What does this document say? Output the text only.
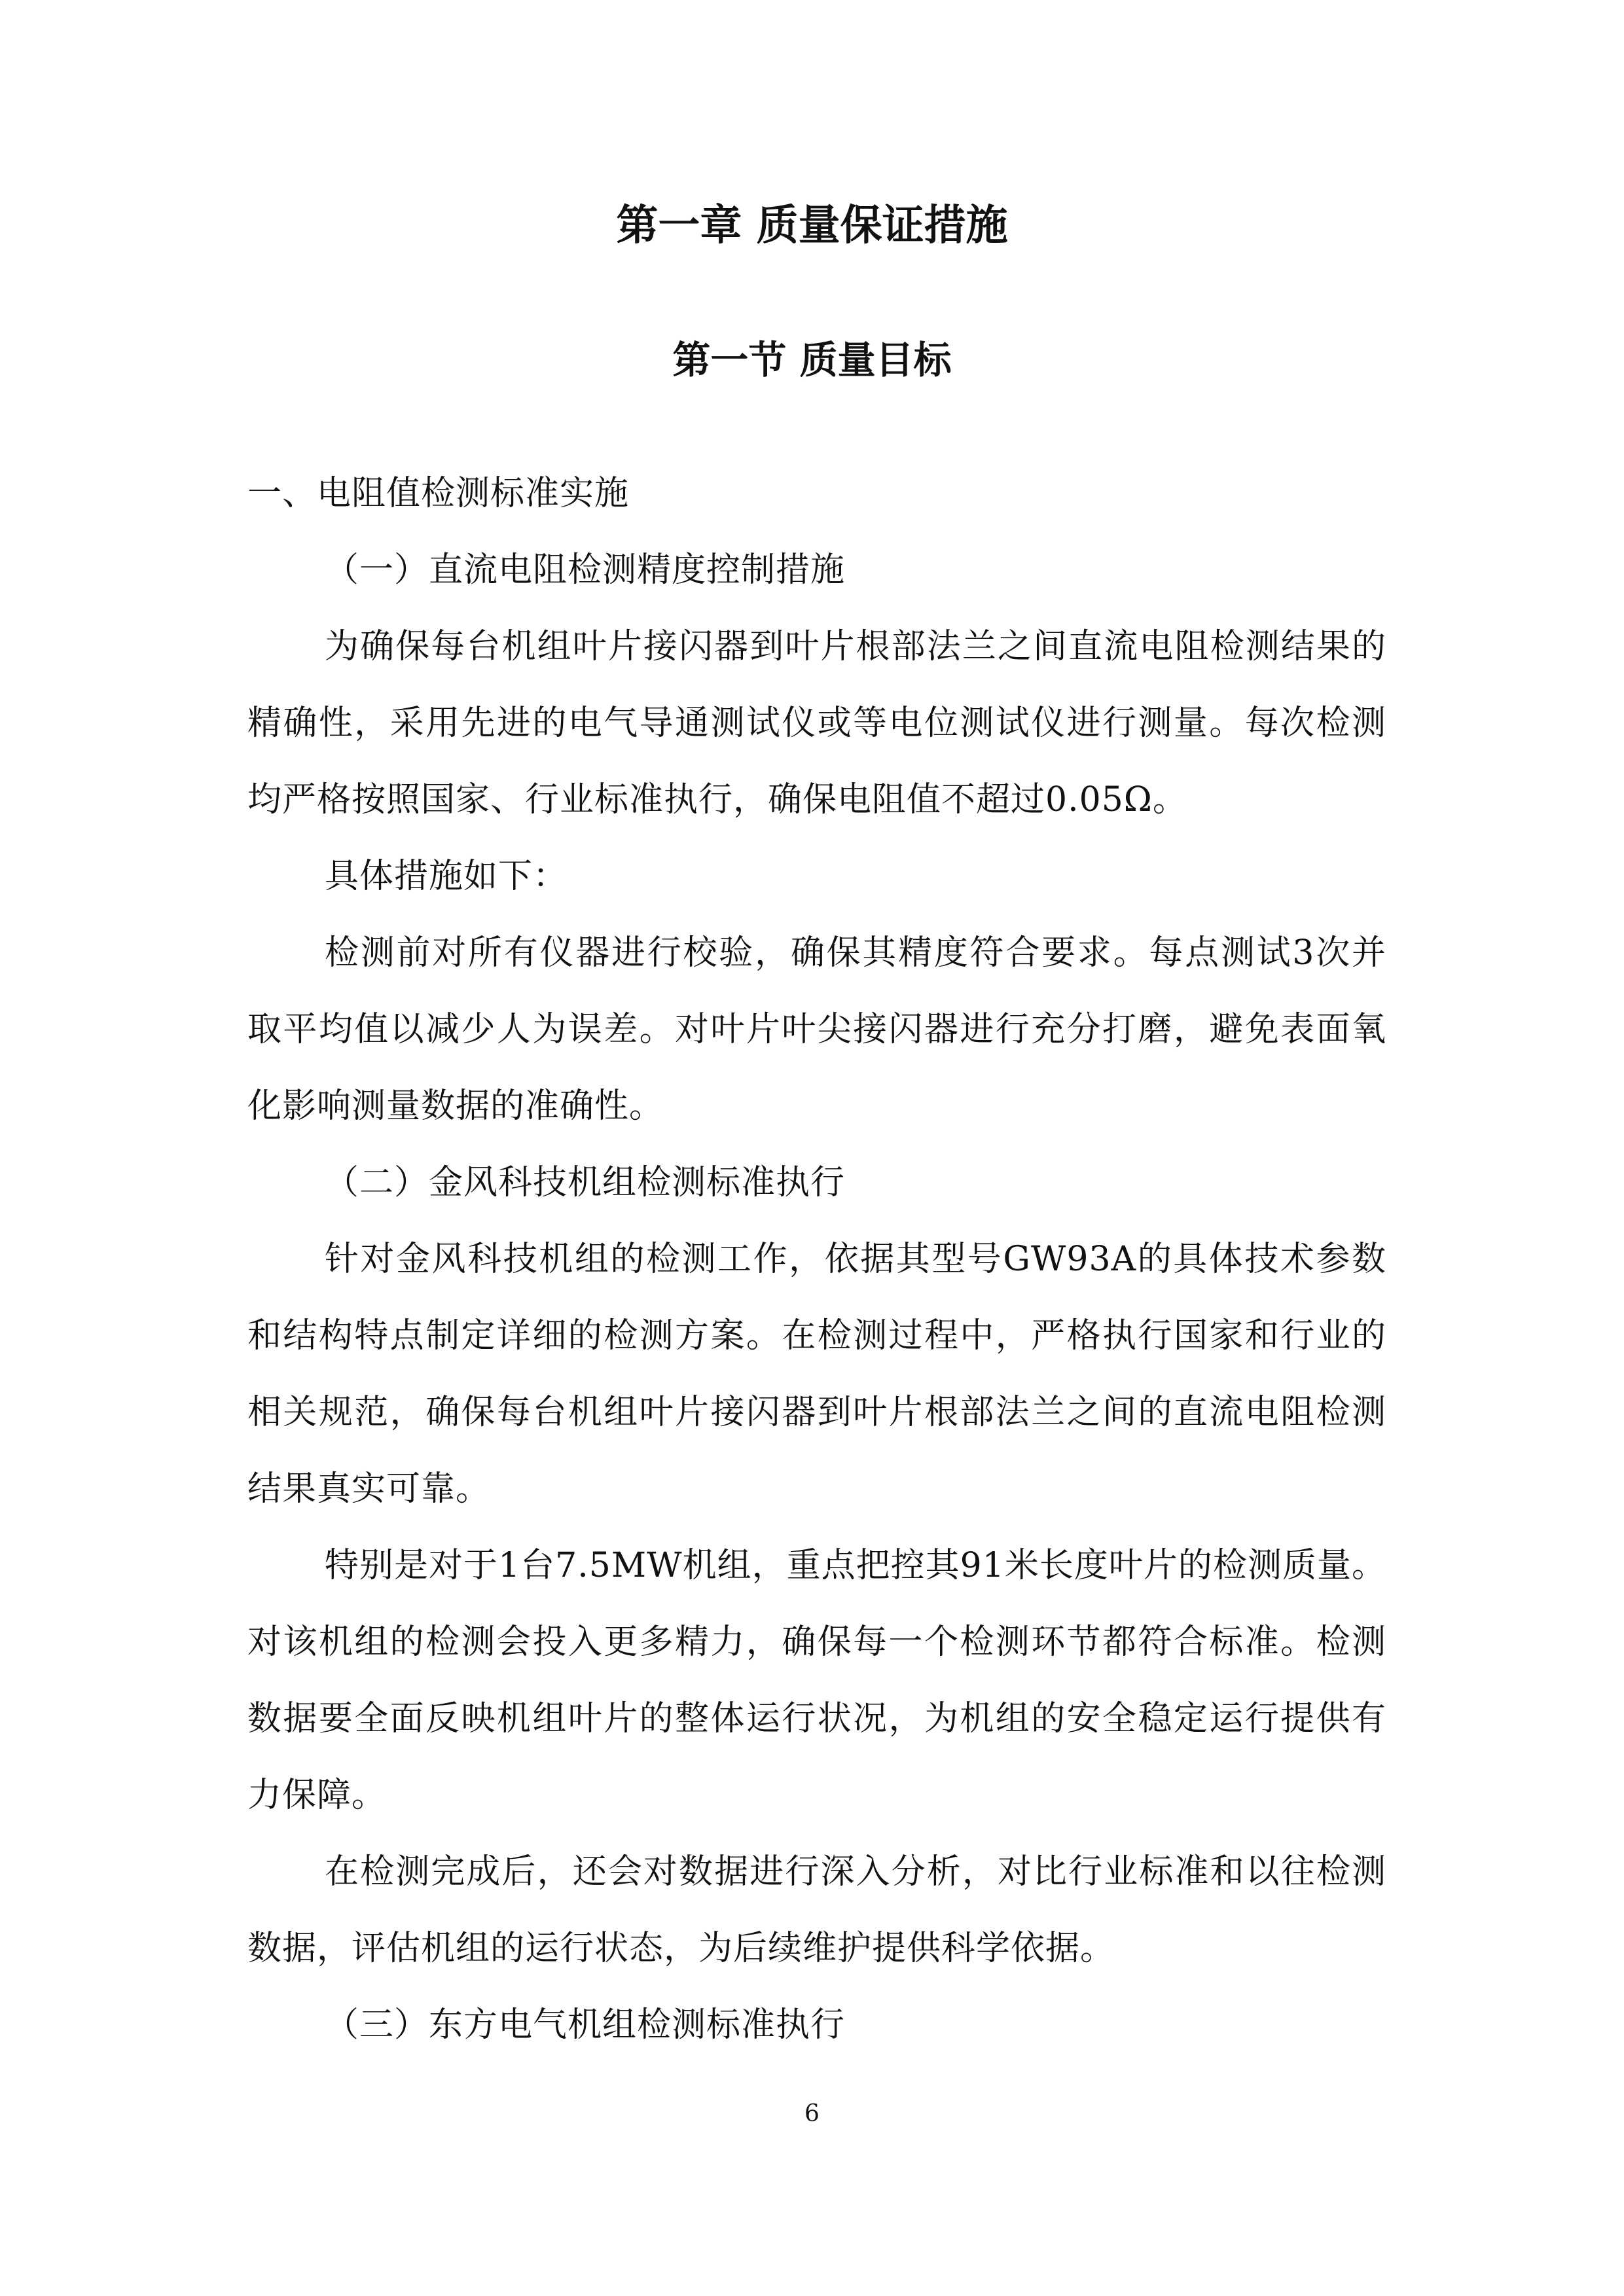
第一章 质量保证措施
第一节 质量目标

一、电阻值检测标准实施

（一）直流电阻检测精度控制措施

为确保每台机组叶片接闪器到叶片根部法兰之间直流电阻检测结果的精确性，采用先进的电气导通测试仪或等电位测试仪进行测量。每次检测均严格按照国家、行业标准执行，确保电阻值不超过0.05Ω。

具体措施如下：

检测前对所有仪器进行校验，确保其精度符合要求。每点测试3次并取平均值以减少人为误差。对叶片叶尖接闪器进行充分打磨，避免表面氧化影响测量数据的准确性。

（二）金风科技机组检测标准执行

针对金风科技机组的检测工作，依据其型号GW93A的具体技术参数和结构特点制定详细的检测方案。在检测过程中，严格执行国家和行业的相关规范，确保每台机组叶片接闪器到叶片根部法兰之间的直流电阻检测结果真实可靠。

特别是对于1台7.5MW机组，重点把控其91米长度叶片的检测质量。对该机组的检测会投入更多精力，确保每一个检测环节都符合标准。检测数据要全面反映机组叶片的整体运行状况，为机组的安全稳定运行提供有力保障。

在检测完成后，还会对数据进行深入分析，对比行业标准和以往检测数据，评估机组的运行状态，为后续维护提供科学依据。

（三）东方电气机组检测标准执行

6
